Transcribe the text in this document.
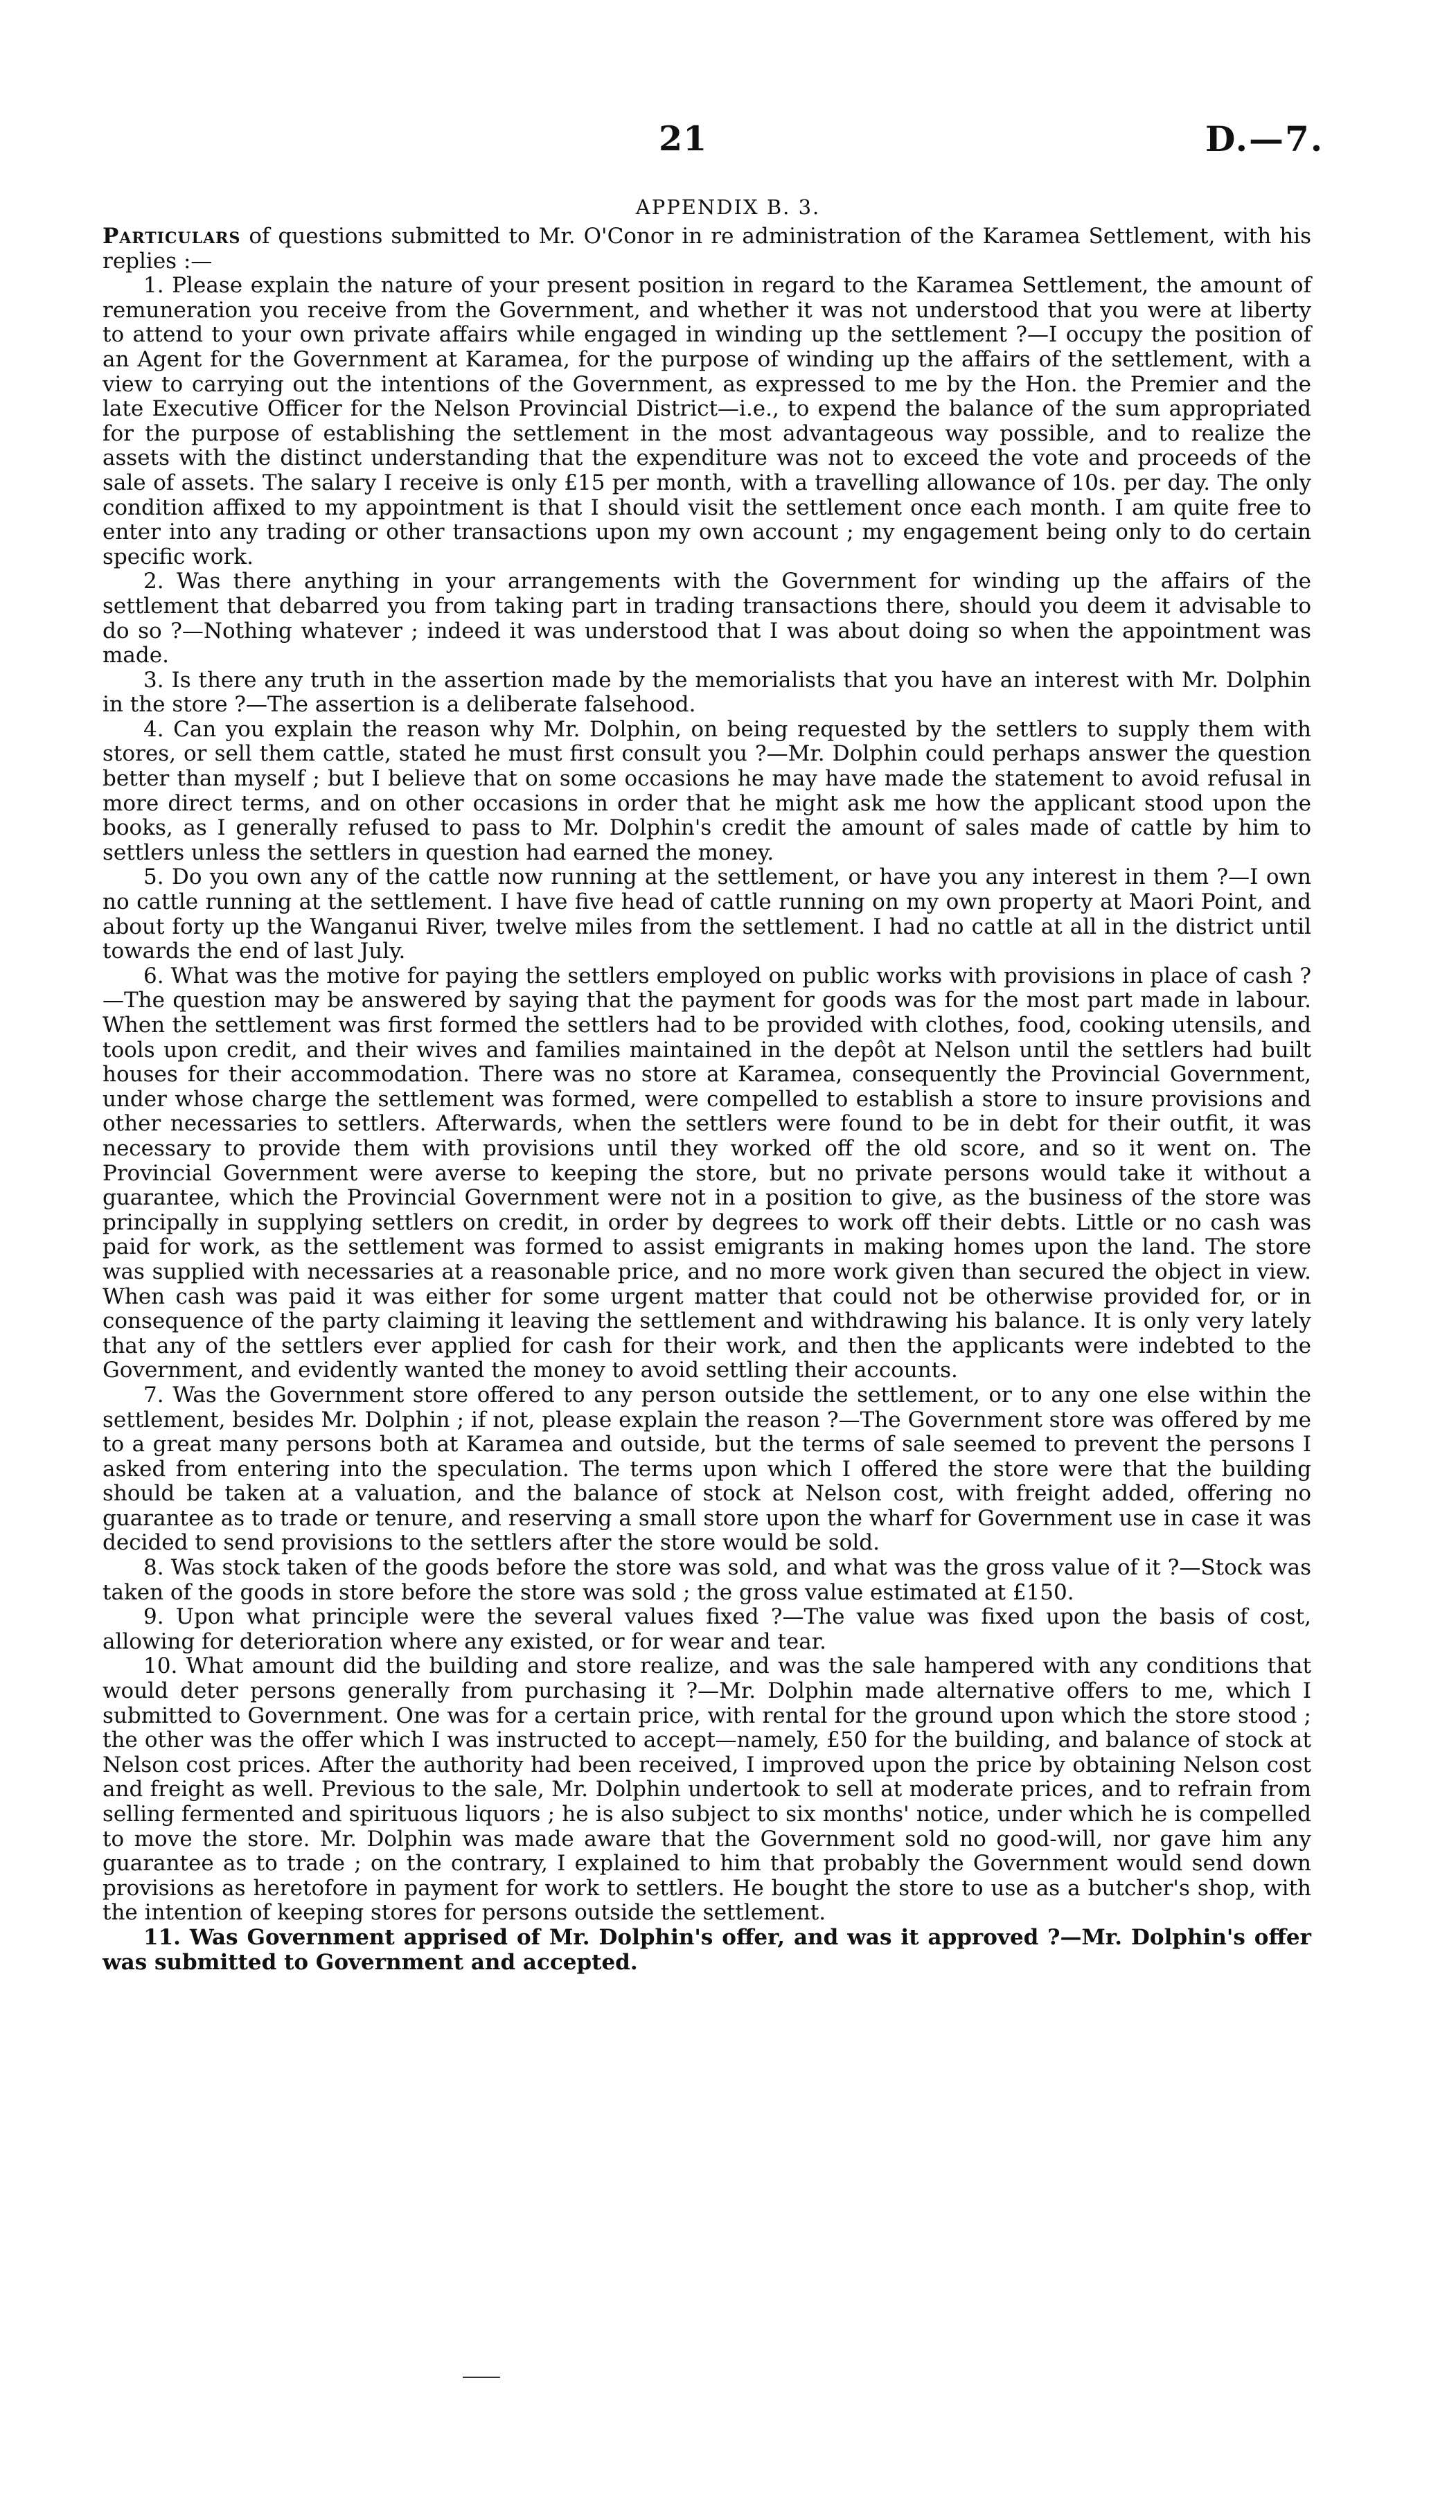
21	D.—7.
APPENDIX B. 3.

Particulars of questions submitted to Mr. O'Conor in re administration of the Karamea Settlement, with his replies :—

1. Please explain the nature of your present position in regard to the Karamea Settlement, the amount of remuneration you receive from the Government, and whether it was not understood that you were at liberty to attend to your own private affairs while engaged in winding up the settlement ?—I occupy the position of an Agent for the Government at Karamea, for the purpose of winding up the affairs of the settlement, with a view to carrying out the intentions of the Government, as expressed to me by the Hon. the Premier and the late Executive Officer for the Nelson Provincial District—i.e., to expend the balance of the sum appropriated for the purpose of establishing the settlement in the most advantageous way possible, and to realize the assets with the distinct understanding that the expenditure was not to exceed the vote and proceeds of the sale of assets. The salary I receive is only £15 per month, with a travelling allowance of 10s. per day. The only condition affixed to my appointment is that I should visit the settlement once each month. I am quite free to enter into any trading or other transactions upon my own account ; my engagement being only to do certain specific work.

2. Was there anything in your arrangements with the Government for winding up the affairs of the settlement that debarred you from taking part in trading transactions there, should you deem it advisable to do so ?—Nothing whatever ; indeed it was understood that I was about doing so when the appointment was made.

3. Is there any truth in the assertion made by the memorialists that you have an interest with Mr. Dolphin in the store ?—The assertion is a deliberate falsehood.

4. Can you explain the reason why Mr. Dolphin, on being requested by the settlers to supply them with stores, or sell them cattle, stated he must first consult you ?—Mr. Dolphin could perhaps answer the question better than myself ; but I believe that on some occasions he may have made the statement to avoid refusal in more direct terms, and on other occasions in order that he might ask me how the applicant stood upon the books, as I generally refused to pass to Mr. Dolphin's credit the amount of sales made of cattle by him to settlers unless the settlers in question had earned the money.

5. Do you own any of the cattle now running at the settlement, or have you any interest in them ?—I own no cattle running at the settlement. I have five head of cattle running on my own property at Maori Point, and about forty up the Wanganui River, twelve miles from the settlement. I had no cattle at all in the district until towards the end of last July.

6. What was the motive for paying the settlers employed on public works with provisions in place of cash ?—The question may be answered by saying that the payment for goods was for the most part made in labour. When the settlement was first formed the settlers had to be provided with clothes, food, cooking utensils, and tools upon credit, and their wives and families maintained in the depôt at Nelson until the settlers had built houses for their accommodation. There was no store at Karamea, consequently the Provincial Government, under whose charge the settlement was formed, were compelled to establish a store to insure provisions and other necessaries to settlers. Afterwards, when the settlers were found to be in debt for their outfit, it was necessary to provide them with provisions until they worked off the old score, and so it went on. The Provincial Government were averse to keeping the store, but no private persons would take it without a guarantee, which the Provincial Government were not in a position to give, as the business of the store was principally in supplying settlers on credit, in order by degrees to work off their debts. Little or no cash was paid for work, as the settlement was formed to assist emigrants in making homes upon the land. The store was supplied with necessaries at a reasonable price, and no more work given than secured the object in view. When cash was paid it was either for some urgent matter that could not be otherwise provided for, or in consequence of the party claiming it leaving the settlement and withdrawing his balance. It is only very lately that any of the settlers ever applied for cash for their work, and then the applicants were indebted to the Government, and evidently wanted the money to avoid settling their accounts.

7. Was the Government store offered to any person outside the settlement, or to any one else within the settlement, besides Mr. Dolphin ; if not, please explain the reason ?—The Government store was offered by me to a great many persons both at Karamea and outside, but the terms of sale seemed to prevent the persons I asked from entering into the speculation. The terms upon which I offered the store were that the building should be taken at a valuation, and the balance of stock at Nelson cost, with freight added, offering no guarantee as to trade or tenure, and reserving a small store upon the wharf for Government use in case it was decided to send provisions to the settlers after the store would be sold.

8. Was stock taken of the goods before the store was sold, and what was the gross value of it ?—Stock was taken of the goods in store before the store was sold ; the gross value estimated at £150.

9. Upon what principle were the several values fixed ?—The value was fixed upon the basis of cost, allowing for deterioration where any existed, or for wear and tear.

10. What amount did the building and store realize, and was the sale hampered with any conditions that would deter persons generally from purchasing it ?—Mr. Dolphin made alternative offers to me, which I submitted to Government. One was for a certain price, with rental for the ground upon which the store stood ; the other was the offer which I was instructed to accept—namely, £50 for the building, and balance of stock at Nelson cost prices. After the authority had been received, I improved upon the price by obtaining Nelson cost and freight as well. Previous to the sale, Mr. Dolphin undertook to sell at moderate prices, and to refrain from selling fermented and spirituous liquors ; he is also subject to six months' notice, under which he is compelled to move the store. Mr. Dolphin was made aware that the Government sold no good-will, nor gave him any guarantee as to trade ; on the contrary, I explained to him that probably the Government would send down provisions as heretofore in payment for work to settlers. He bought the store to use as a butcher's shop, with the intention of keeping stores for persons outside the settlement.

11. Was Government apprised of Mr. Dolphin's offer, and was it approved ?—Mr. Dolphin's offer was submitted to Government and accepted.
